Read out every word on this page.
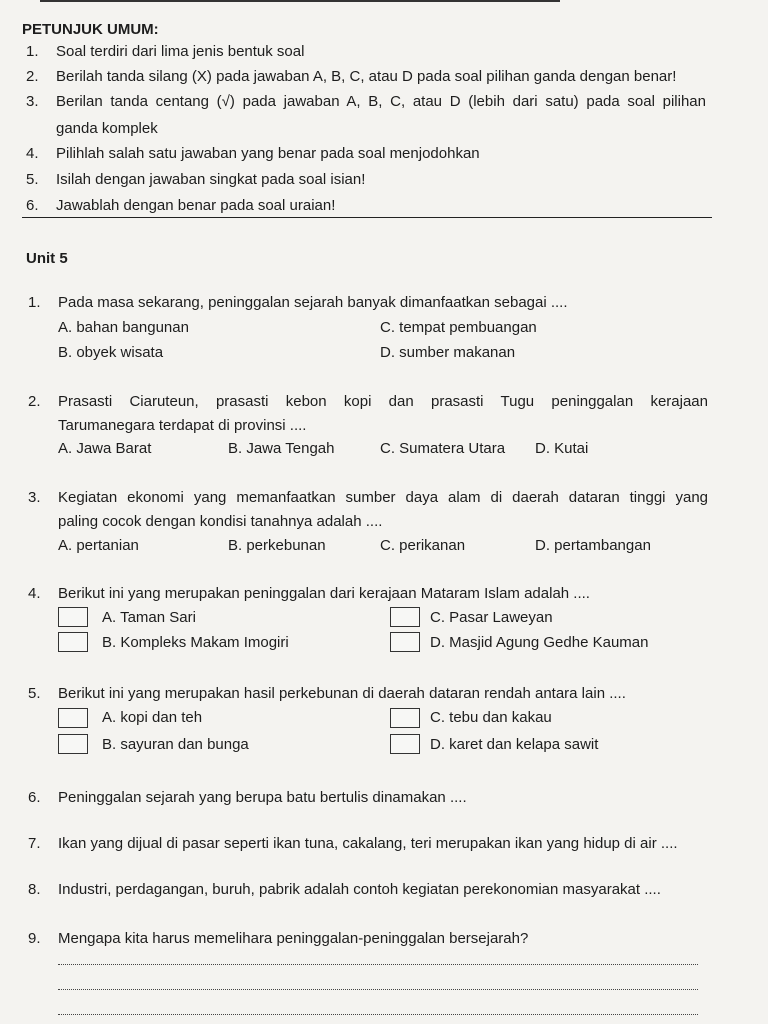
PETUNJUK UMUM:
1. Soal terdiri dari lima jenis bentuk soal
2. Berilah tanda silang (X) pada jawaban A, B, C, atau D pada soal pilihan ganda dengan benar!
3. Berilan tanda centang (√) pada jawaban A, B, C, atau D (lebih dari satu) pada soal pilihan
ganda komplek
4. Pilihlah salah satu jawaban yang benar pada soal menjodohkan
5. Isilah dengan jawaban singkat pada soal isian!
6. Jawablah dengan benar pada soal uraian!
Unit 5
1. Pada masa sekarang, peninggalan sejarah banyak dimanfaatkan sebagai ....
A. bahan bangunan	C. tempat pembuangan
B. obyek wisata	D. sumber makanan
2. Prasasti Ciaruteun, prasasti kebon kopi dan prasasti Tugu peninggalan kerajaan
Tarumanegara terdapat di provinsi ....
A. Jawa Barat	B. Jawa Tengah	C. Sumatera Utara D. Kutai
3. Kegiatan ekonomi yang memanfaatkan sumber daya alam di daerah dataran tinggi yang
paling cocok dengan kondisi tanahnya adalah ....
A. pertanian	B. perkebunan	C. perikanan	D. pertambangan
4. Berikut ini yang merupakan peninggalan dari kerajaan Mataram Islam adalah ....
A. Taman Sari
B. Kompleks Makam Imogiri
C. Pasar Laweyan
D. Masjid Agung Gedhe Kauman
5. Berikut ini yang merupakan hasil perkebunan di daerah dataran rendah antara lain ....
A. kopi dan teh
B. sayuran dan bunga
C. tebu dan kakau
D. karet dan kelapa sawit
6. Peninggalan sejarah yang berupa batu bertulis dinamakan ....
7. Ikan yang dijual di pasar seperti ikan tuna, cakalang, teri merupakan ikan yang hidup di air ....
8. Industri, perdagangan, buruh, pabrik adalah contoh kegiatan perekonomian masyarakat ....
9. Mengapa kita harus memelihara peninggalan-peninggalan bersejarah?
